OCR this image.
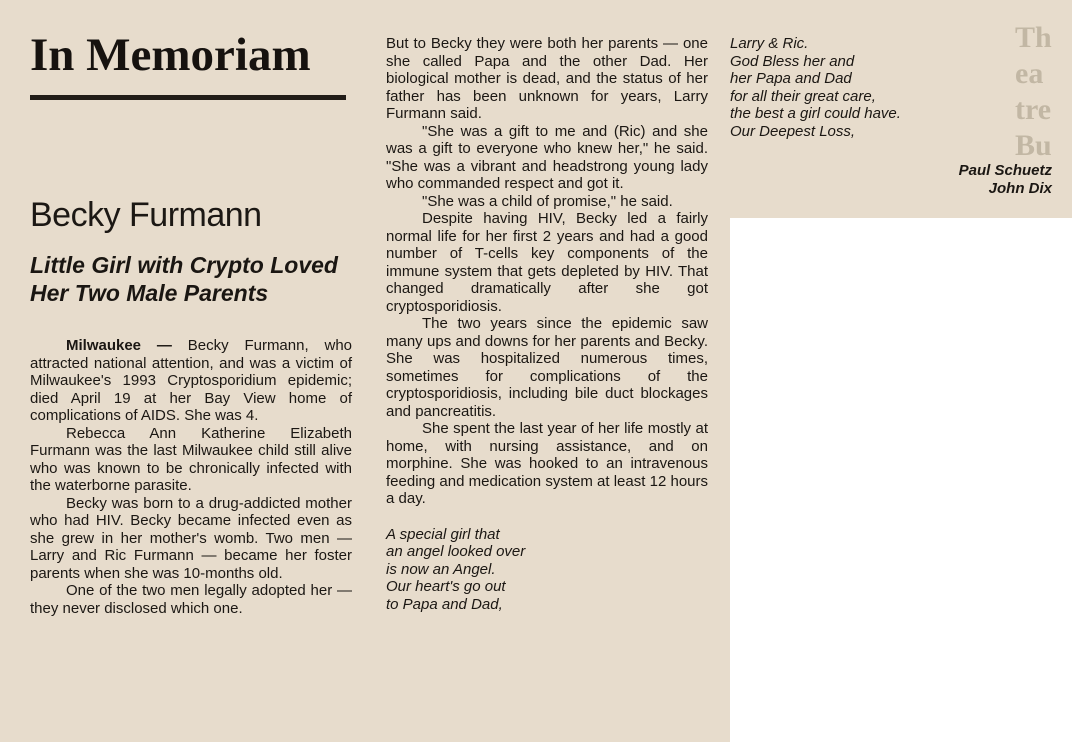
Th
ea
tre
Bu
In Memoriam
Becky Furmann
Little Girl with Crypto Loved Her Two Male Parents

Milwaukee — Becky Furmann, who attracted national attention, and was a victim of Milwaukee's 1993 Cryptosporidium epidemic; died April 19 at her Bay View home of complications of AIDS. She was 4.

Rebecca Ann Katherine Elizabeth Furmann was the last Milwaukee child still alive who was known to be chronically infected with the waterborne parasite.

Becky was born to a drug-addicted mother who had HIV. Becky became infected even as she grew in her mother's womb. Two men — Larry and Ric Furmann — became her foster parents when she was 10-months old.

One of the two men legally adopted her — they never disclosed which one.

But to Becky they were both her parents — one she called Papa and the other Dad. Her biological mother is dead, and the status of her father has been unknown for years, Larry Furmann said.

"She was a gift to me and (Ric) and she was a gift to everyone who knew her," he said. "She was a vibrant and headstrong young lady who commanded respect and got it.

"She was a child of promise," he said.

Despite having HIV, Becky led a fairly normal life for her first 2 years and had a good number of T-cells key components of the immune system that gets depleted by HIV. That changed dramatically after she got cryptosporidiosis.

The two years since the epidemic saw many ups and downs for her parents and Becky. She was hospitalized numerous times, sometimes for complications of the cryptosporidiosis, including bile duct blockages and pancreatitis.

She spent the last year of her life mostly at home, with nursing assistance, and on morphine. She was hooked to an intravenous feeding and medication system at least 12 hours a day.

A special girl that
an angel looked over
is now an Angel.
Our heart's go out
to Papa and Dad,
Larry & Ric.
God Bless her and
her Papa and Dad
for all their great care,
the best a girl could have.
Our Deepest Loss,
Paul Schuetz
John Dix
